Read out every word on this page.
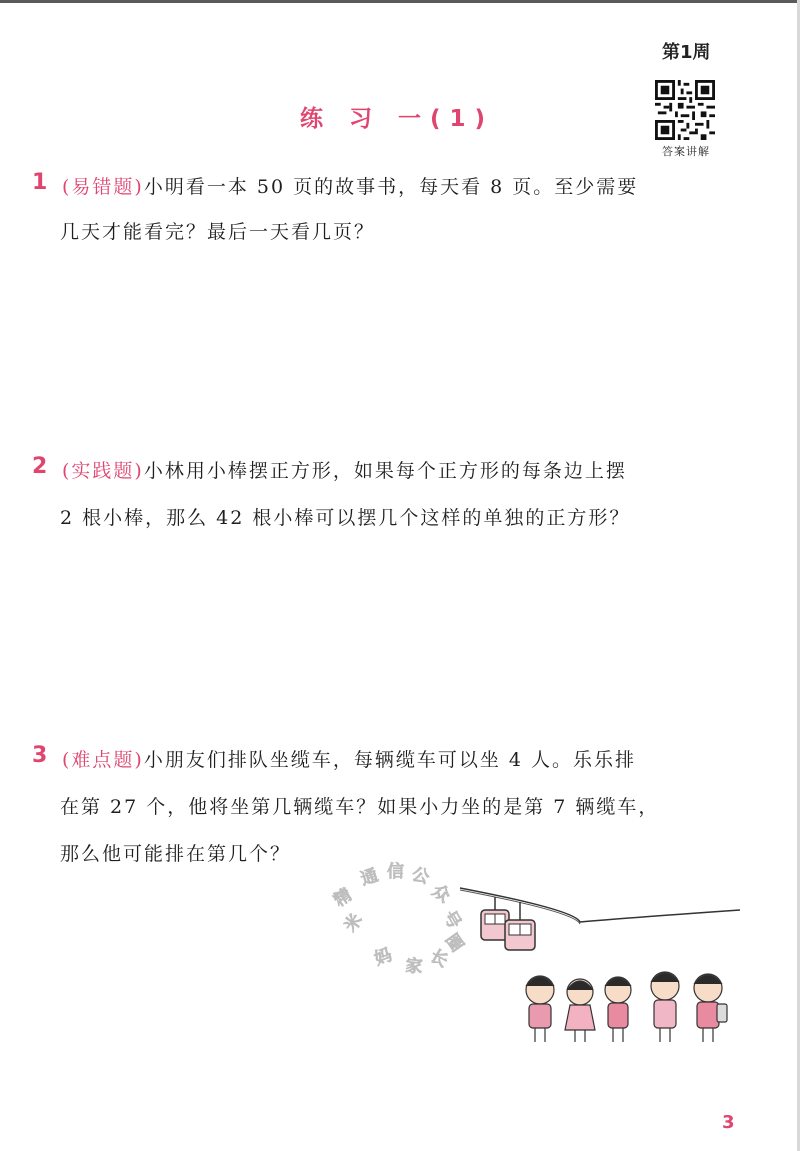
第1周
练 习 一(1)
答案讲解
1 (易错题)小明看一本 50 页的故事书，每天看 8 页。至少需要
几天才能看完？最后一天看几页？
2 (实践题)小林用小棒摆正方形，如果每个正方形的每条边上摆
2 根小棒，那么 42 根小棒可以摆几个这样的单独的正方形？
3 (难点题)小朋友们排队坐缆车，每辆缆车可以坐 4 人。乐乐排
在第 27 个，他将坐第几辆缆车？如果小力坐的是第 7 辆缆车，
那么他可能排在第几个？
精
通 信 公
众
号
米
妈 家 长
圈
3
